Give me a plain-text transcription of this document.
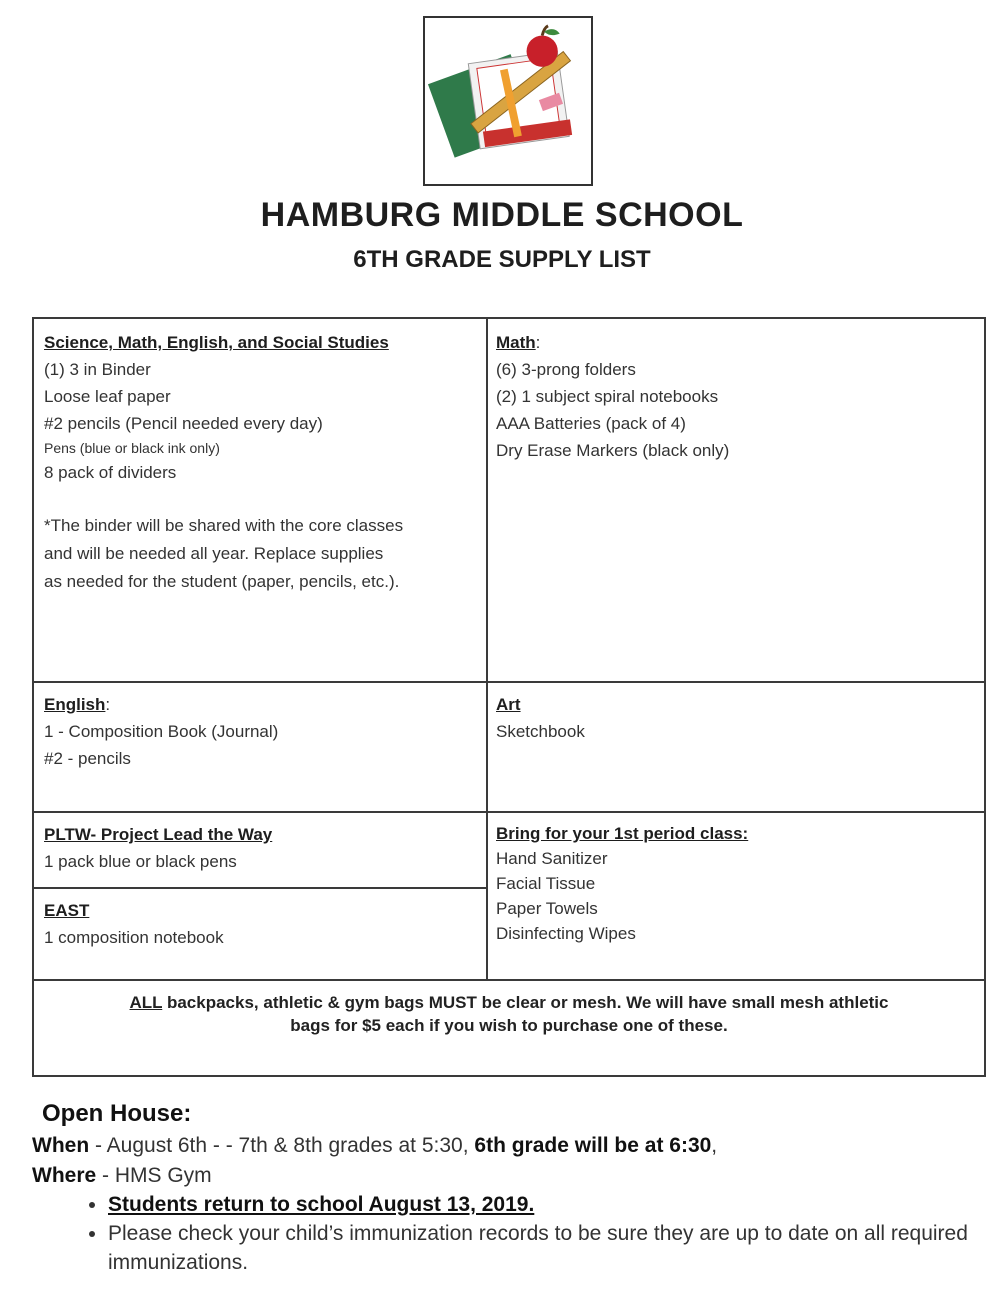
HAMBURG MIDDLE SCHOOL
6TH GRADE SUPPLY LIST
Science, Math, English, and Social Studies
(1) 3 in Binder
Loose leaf paper
#2 pencils (Pencil needed every day)
Pens (blue or black ink only)
8 pack of dividers
*The binder will be shared with the core classes
and will be needed all year. Replace supplies
as needed for the student (paper, pencils, etc.).
Math:
(6) 3-prong folders
(2) 1 subject spiral notebooks
AAA Batteries (pack of 4)
Dry Erase Markers (black only)
English:
1 - Composition Book (Journal)
#2 - pencils
Art
Sketchbook
PLTW- Project Lead the Way
1 pack blue or black pens
EAST
1 composition notebook
Bring for your 1st period class:
Hand Sanitizer
Facial Tissue
Paper Towels
Disinfecting Wipes
ALL backpacks, athletic & gym bags MUST be clear or mesh. We will have small mesh athletic
bags for $5 each if you wish to purchase one of these.
Open House:
When - August 6th - - 7th & 8th grades at 5:30, 6th grade will be at 6:30,
Where - HMS Gym
• Students return to school August 13, 2019.
• Please check your child’s immunization records to be sure they are up to date on all required immunizations.
